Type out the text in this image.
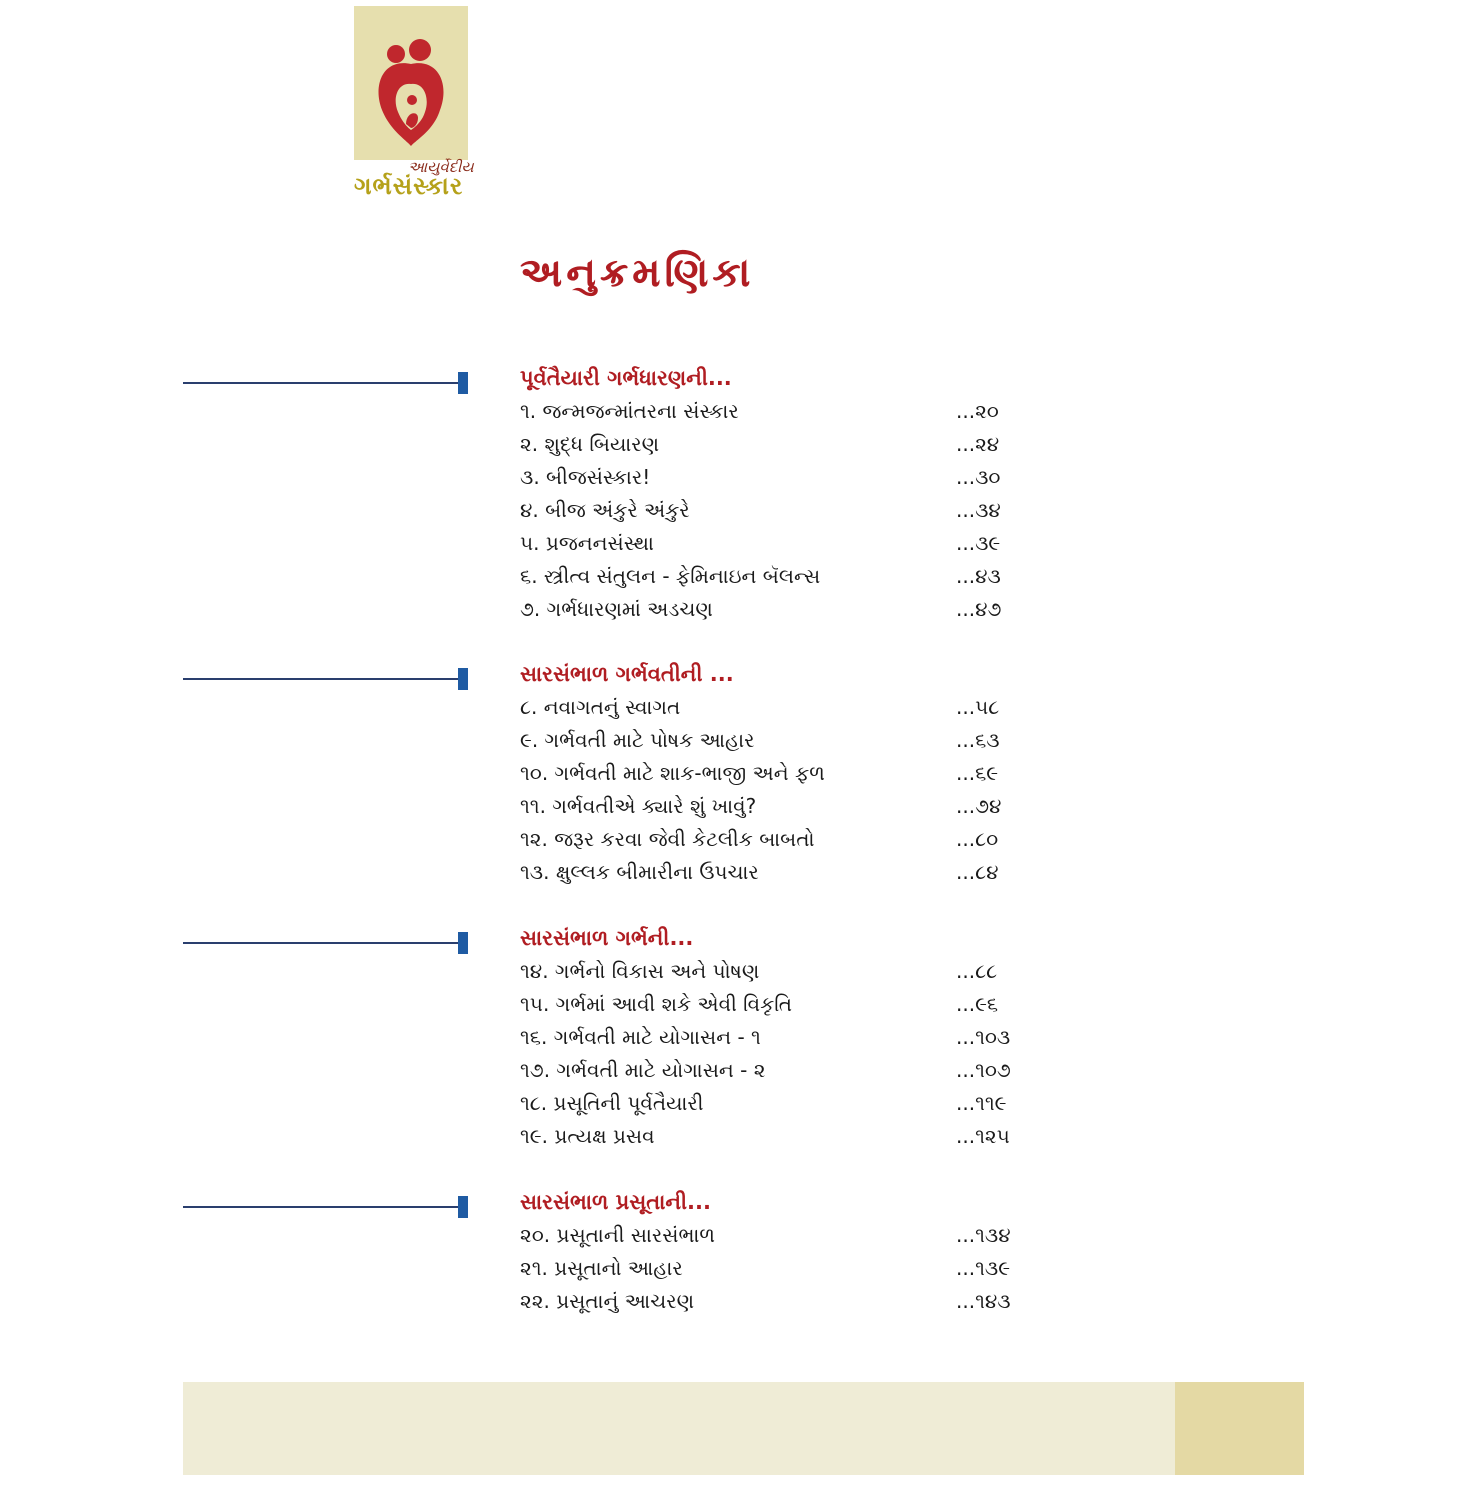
આયુર્વેદીય
ગર્ભસંસ્કાર
અનુક્રમણિકા
પૂર્વતૈયારી ગર્ભધારણની...
૧. જન્મજન્માંતરના સંસ્કાર	...૨૦
૨. શુદ્ધ બિયારણ	...૨૪
૩. બીજસંસ્કાર!	...૩૦
૪. બીજ અંકુરે અંકુરે	...૩૪
૫. પ્રજનનસંસ્થા	...૩૯
૬. સ્ત્રીત્વ સંતુલન - ફેમિનાઇન બૅલન્સ	...૪૩
૭. ગર્ભધારણમાં અડચણ	...૪૭
સારસંભાળ ગર્ભવતીની ...
૮. નવાગતનું સ્વાગત	...૫૮
૯. ગર્ભવતી માટે પોષક આહાર	...૬૩
૧૦. ગર્ભવતી માટે શાક-ભાજી અને ફળ	...૬૯
૧૧. ગર્ભવતીએ ક્યારે શું ખાવું?	...૭૪
૧૨. જરૂર કરવા જેવી કેટલીક બાબતો	...૮૦
૧૩. ક્ષુલ્લક બીમારીના ઉપચાર	...૮૪
સારસંભાળ ગર્ભની...
૧૪. ગર્ભનો વિકાસ અને પોષણ	...૮૮
૧૫. ગર્ભમાં આવી શકે એવી વિકૃતિ	...૯૬
૧૬. ગર્ભવતી માટે યોગાસન - ૧	...૧૦૩
૧૭. ગર્ભવતી માટે યોગાસન - ૨	...૧૦૭
૧૮. પ્રસૂતિની પૂર્વતૈયારી	...૧૧૯
૧૯. પ્રત્યક્ષ પ્રસવ	...૧૨૫
સારસંભાળ પ્રસૂતાની...
૨૦. પ્રસૂતાની સારસંભાળ	...૧૩૪
૨૧. પ્રસૂતાનો આહાર	...૧૩૯
૨૨. પ્રસૂતાનું આચરણ	...૧૪૩
